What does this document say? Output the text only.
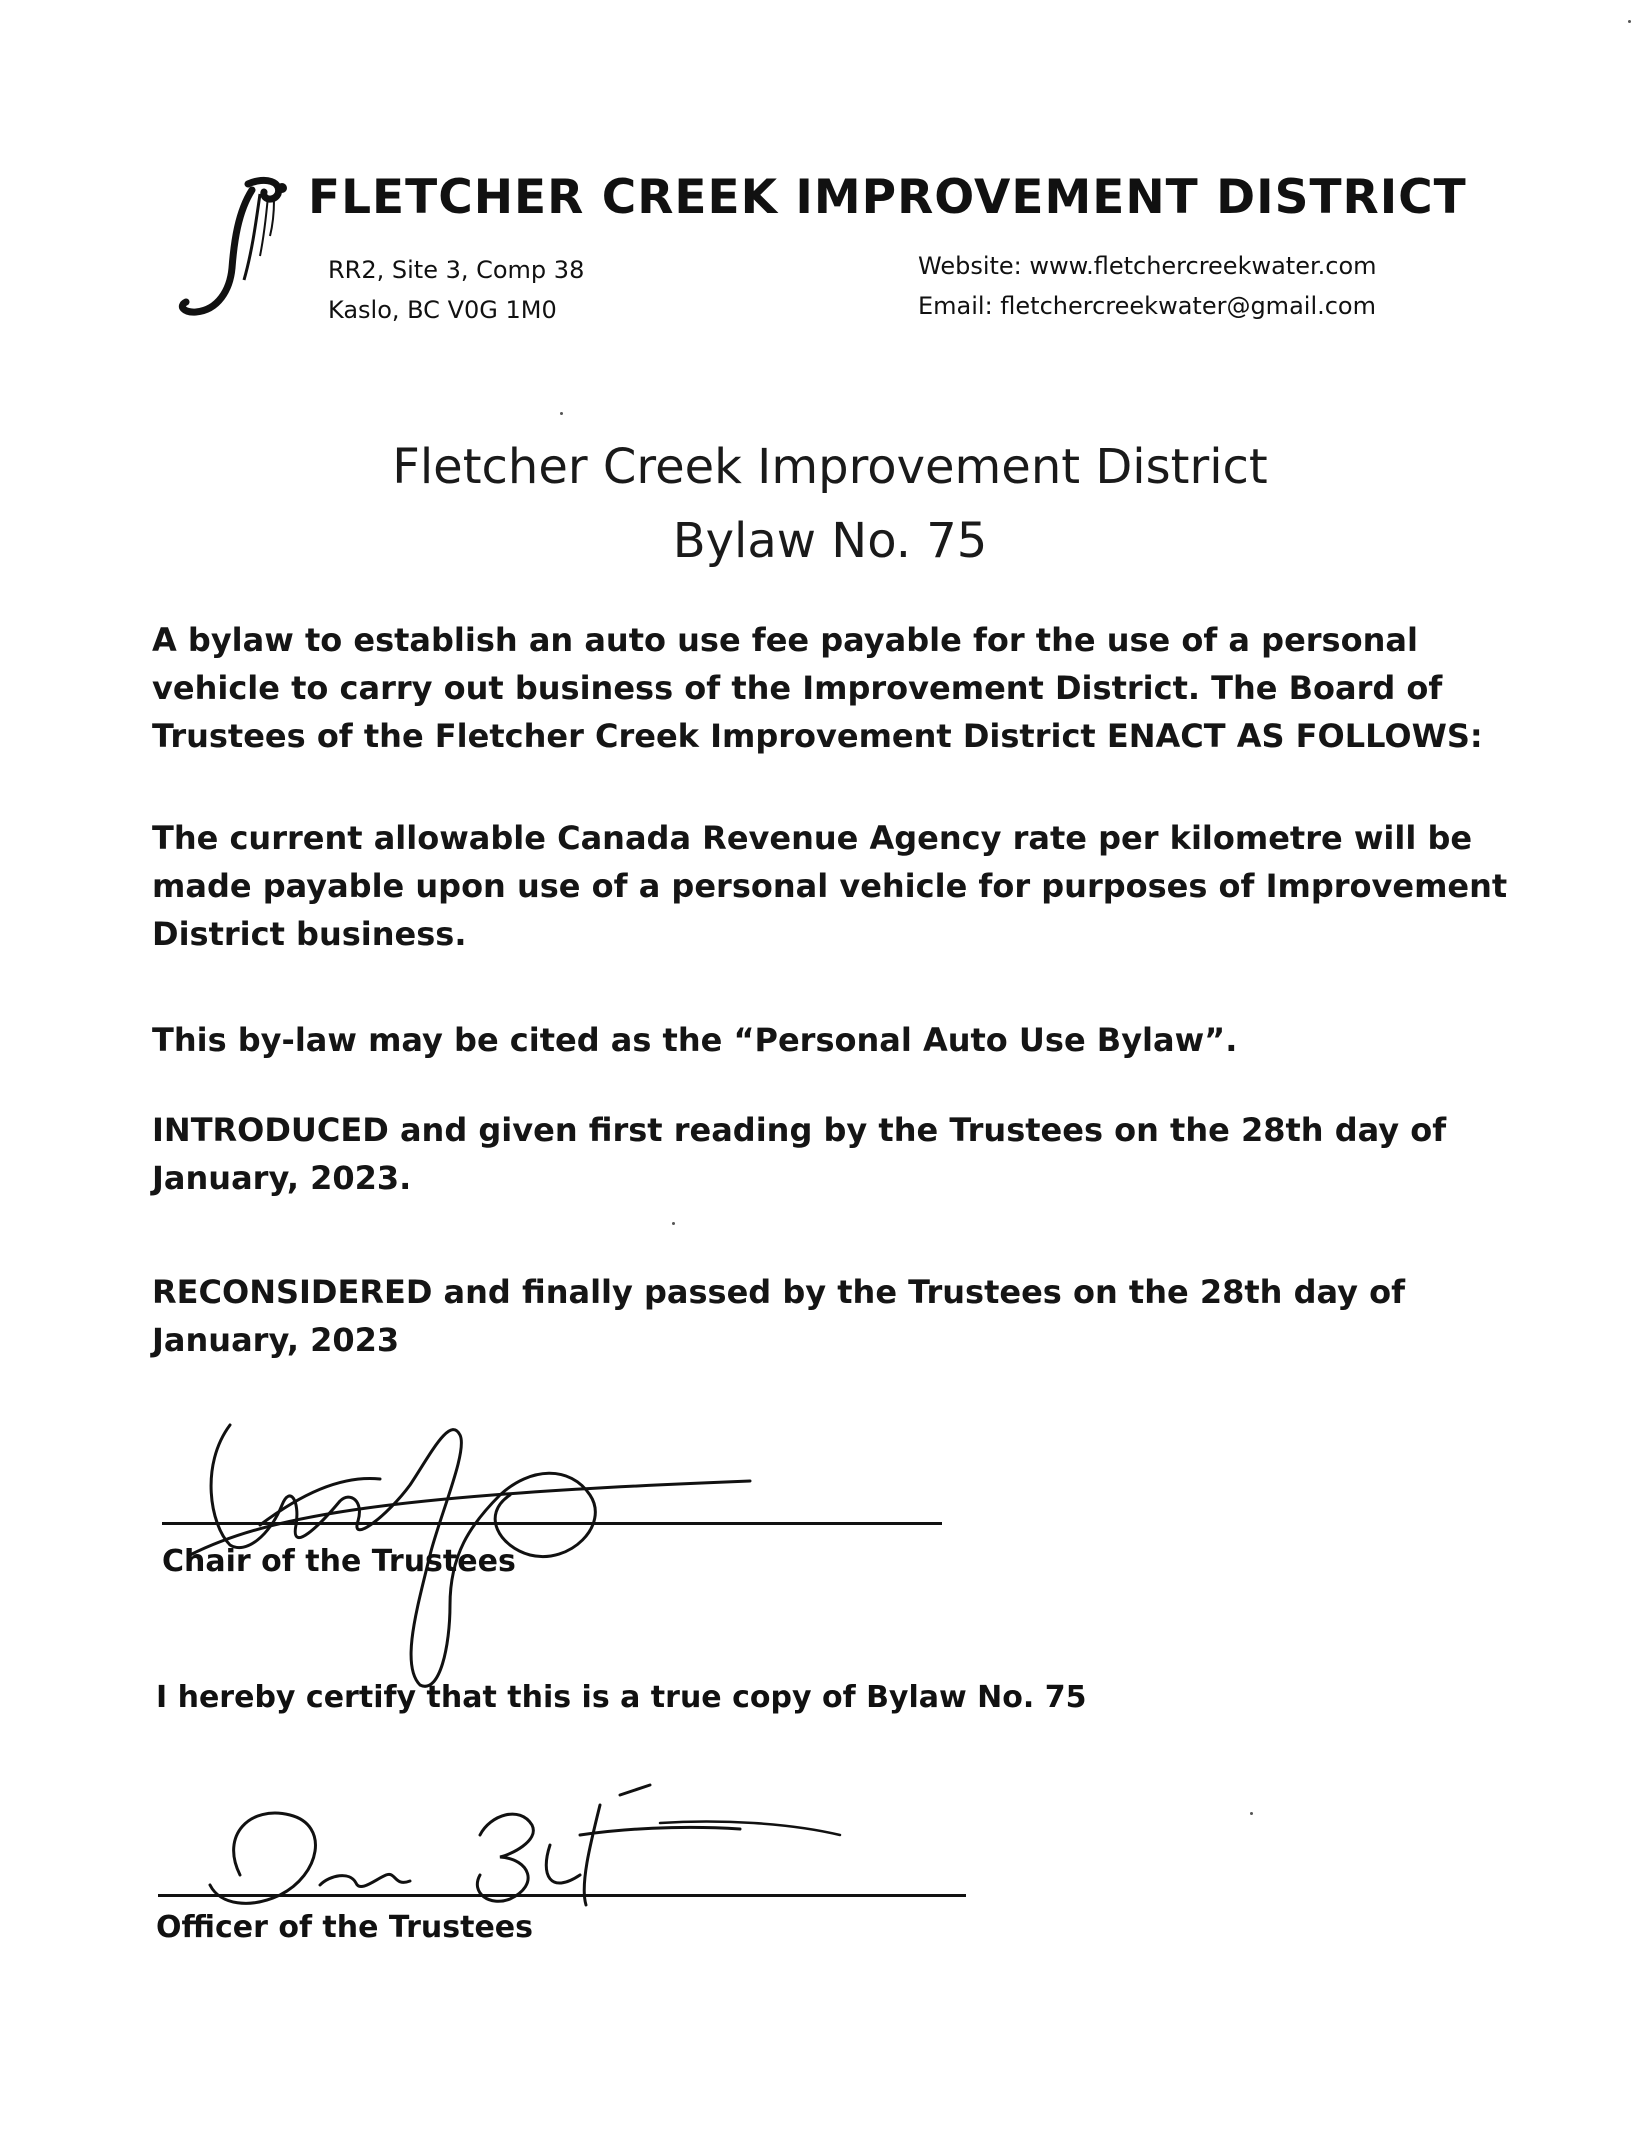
FLETCHER CREEK IMPROVEMENT DISTRICT
RR2, Site 3, Comp 38
Kaslo, BC V0G 1M0
Website: www.fletchercreekwater.com
Email: fletchercreekwater@gmail.com
Fletcher Creek Improvement District
Bylaw No. 75
A bylaw to establish an auto use fee payable for the use of a personal vehicle to carry out business of the Improvement District. The Board of Trustees of the Fletcher Creek Improvement District ENACT AS FOLLOWS:
The current allowable Canada Revenue Agency rate per kilometre will be made payable upon use of a personal vehicle for purposes of Improvement District business.
This by-law may be cited as the “Personal Auto Use Bylaw”.
INTRODUCED and given first reading by the Trustees on the 28th day of January, 2023.
RECONSIDERED and finally passed by the Trustees on the 28th day of January, 2023
Chair of the Trustees
I hereby certify that this is a true copy of Bylaw No. 75
Officer of the Trustees
